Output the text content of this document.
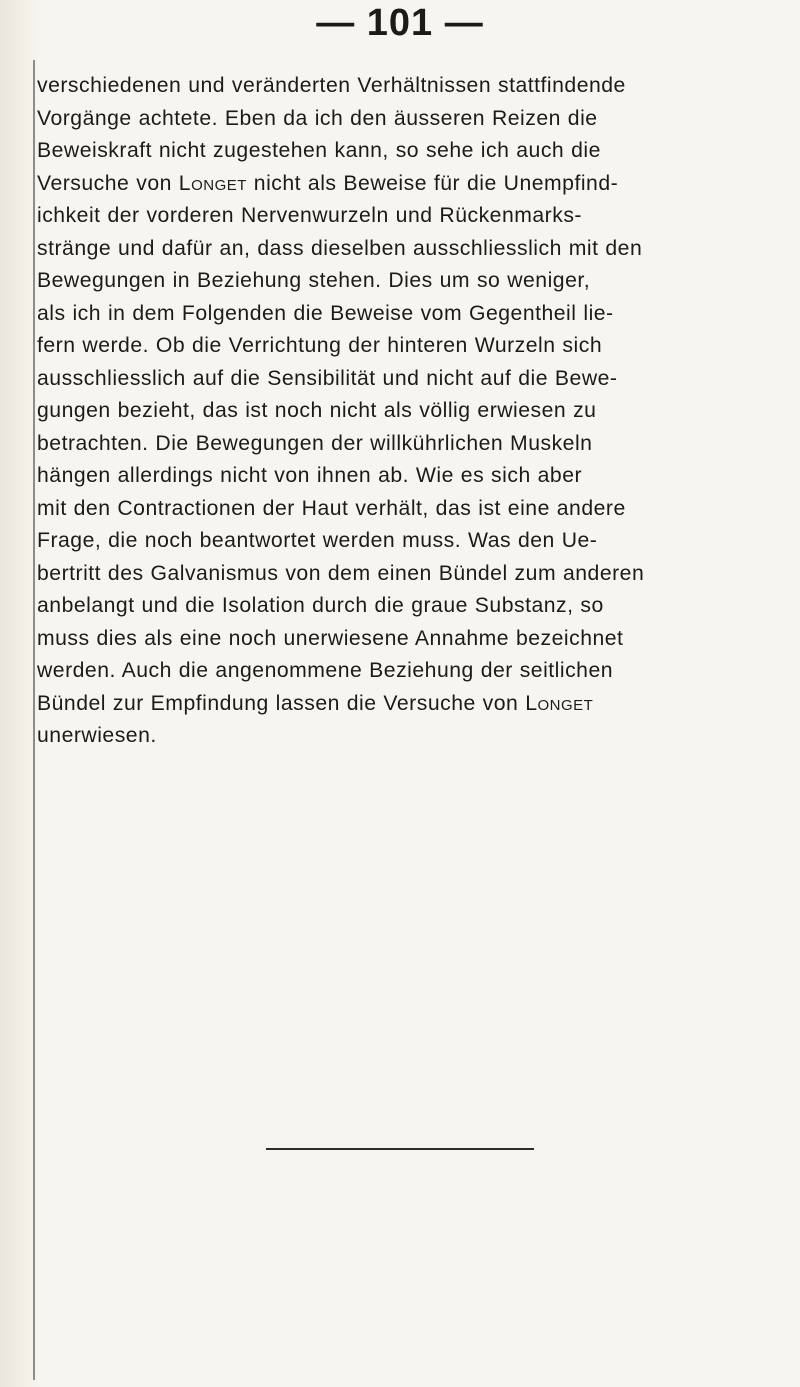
— 101 —

verschiedenen und veränderten Verhältnissen stattfindende
Vorgänge achtete. Eben da ich den äusseren Reizen die
Beweiskraft nicht zugestehen kann, so sehe ich auch die
Versuche von Longet nicht als Beweise für die Unempfind-
ichkeit der vorderen Nervenwurzeln und Rückenmarks-
stränge und dafür an, dass dieselben ausschliesslich mit den
Bewegungen in Beziehung stehen. Dies um so weniger,
als ich in dem Folgenden die Beweise vom Gegentheil lie-
fern werde. Ob die Verrichtung der hinteren Wurzeln sich
ausschliesslich auf die Sensibilität und nicht auf die Bewe-
gungen bezieht, das ist noch nicht als völlig erwiesen zu
betrachten. Die Bewegungen der willkührlichen Muskeln
hängen allerdings nicht von ihnen ab. Wie es sich aber
mit den Contractionen der Haut verhält, das ist eine andere
Frage, die noch beantwortet werden muss. Was den Ue-
bertritt des Galvanismus von dem einen Bündel zum anderen
anbelangt und die Isolation durch die graue Substanz, so
muss dies als eine noch unerwiesene Annahme bezeichnet
werden. Auch die angenommene Beziehung der seitlichen
Bündel zur Empfindung lassen die Versuche von Longet
unerwiesen.
